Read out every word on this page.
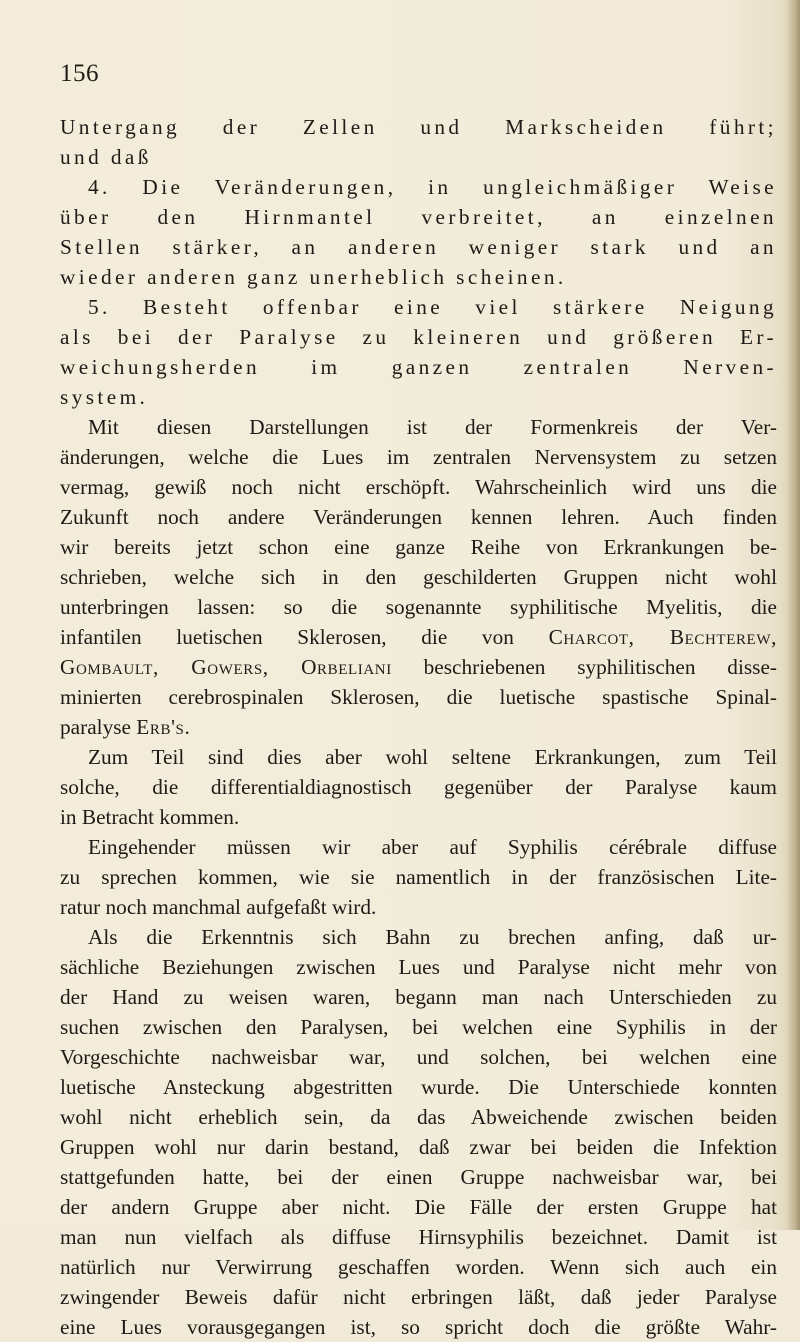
156
Untergang der Zellen und Markscheiden führt;
und daß
4. Die Veränderungen, in ungleichmäßiger Weise
über den Hirnmantel verbreitet, an einzelnen
Stellen stärker, an anderen weniger stark und an
wieder anderen ganz unerheblich scheinen.
5. Besteht offenbar eine viel stärkere Neigung
als bei der Paralyse zu kleineren und größeren Er-
weichungsherden im ganzen zentralen Nerven-
system.
Mit diesen Darstellungen ist der Formenkreis der Ver-
änderungen, welche die Lues im zentralen Nervensystem zu setzen
vermag, gewiß noch nicht erschöpft. Wahrscheinlich wird uns die
Zukunft noch andere Veränderungen kennen lehren. Auch finden
wir bereits jetzt schon eine ganze Reihe von Erkrankungen be-
schrieben, welche sich in den geschilderten Gruppen nicht wohl
unterbringen lassen: so die sogenannte syphilitische Myelitis, die
infantilen luetischen Sklerosen, die von Charcot, Bechterew,
Gombault, Gowers, Orbeliani beschriebenen syphilitischen disse-
minierten cerebrospinalen Sklerosen, die luetische spastische Spinal-
paralyse Erb's.
Zum Teil sind dies aber wohl seltene Erkrankungen, zum Teil
solche, die differentialdiagnostisch gegenüber der Paralyse kaum
in Betracht kommen.
Eingehender müssen wir aber auf Syphilis cérébrale diffuse
zu sprechen kommen, wie sie namentlich in der französischen Lite-
ratur noch manchmal aufgefaßt wird.
Als die Erkenntnis sich Bahn zu brechen anfing, daß ur-
sächliche Beziehungen zwischen Lues und Paralyse nicht mehr von
der Hand zu weisen waren, begann man nach Unterschieden zu
suchen zwischen den Paralysen, bei welchen eine Syphilis in der
Vorgeschichte nachweisbar war, und solchen, bei welchen eine
luetische Ansteckung abgestritten wurde. Die Unterschiede konnten
wohl nicht erheblich sein, da das Abweichende zwischen beiden
Gruppen wohl nur darin bestand, daß zwar bei beiden die Infektion
stattgefunden hatte, bei der einen Gruppe nachweisbar war, bei
der andern Gruppe aber nicht. Die Fälle der ersten Gruppe hat
man nun vielfach als diffuse Hirnsyphilis bezeichnet. Damit ist
natürlich nur Verwirrung geschaffen worden. Wenn sich auch ein
zwingender Beweis dafür nicht erbringen läßt, daß jeder Paralyse
eine Lues vorausgegangen ist, so spricht doch die größte Wahr-
